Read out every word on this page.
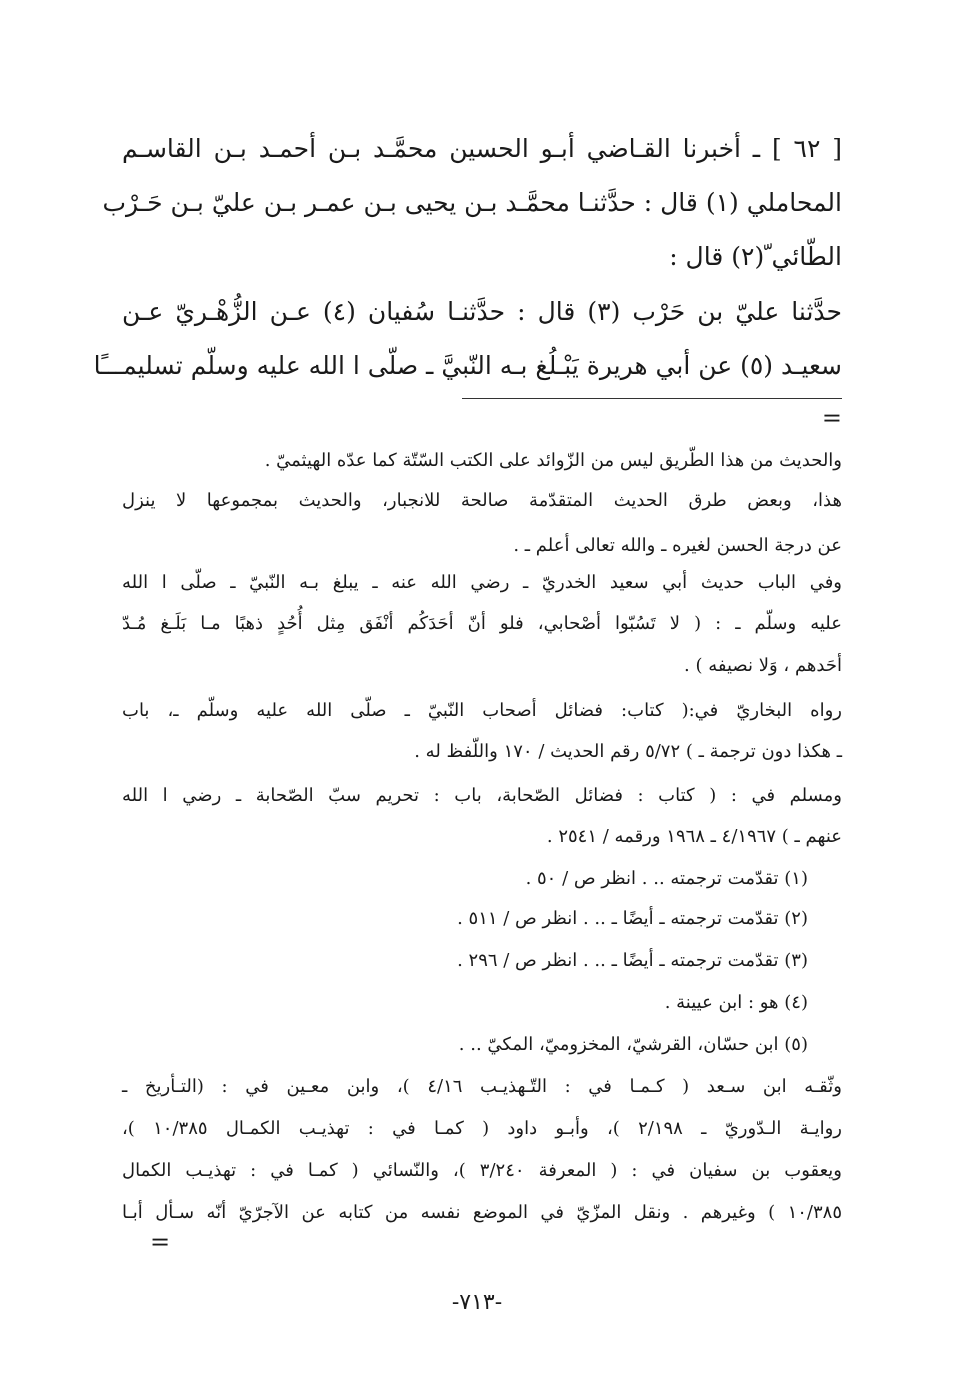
[ ٦٢ ] ـ أخبرنا القـاضي أبـو الحسين محمَّـد بـن أحمـد بـن القاسـم
المحاملي (١) قال : حدَّثنـا محمَّـد بـن يحيى بـن عمـر بـن عليّ بـن حَـرْب
الطّائي ّ(٢) قال :
حدَّثنا عليّ بن حَرْب (٣) قال : حدَّثنـا سُفيان (٤) عـن الزُّهْـريّ عـن
سعيـد (٥) عن أبي هريرة يَبْـلُغ بـه النّبيَّ ـ صلّى ا الله عليه وسلّم تسليمـــًا
=
والحديث من هذا الطّريق ليس من الزّوائد على الكتب السّتّة كما عدّه الهيثميّ .
هذا، وبعض طرق الحديث المتقدّمة صالحة للانجبار، والحديث بمجموعها لا ينزل
عن درجة الحسن لغيره ـ والله تعالى أعلم ـ .
وفي الباب حديث أبي سعيد الخدريّ ـ رضي الله عنه ـ يبلغ بـه النّبيّ ـ صلّى ا الله
عليه وسلّم ـ : ( لا تَسُبّوا أصْحابي، فلو أنّ أحَدَكُم أنْفَق مِثل أُحُدٍ ذهبًا مـا بَلَـغ مُـدّ
أحَدهم ، وَلا نصيفه ) .
رواه البخاريّ في:( كتاب: فضائل أصحاب النّبيّ ـ صلّى الله عليه وسلّم ـ، باب
ـ هكذا دون ترجمة ـ ) ٥/٧٢ رقم الحديث / ١٧٠ واللّفظ له .
ومسلم في : ( كتاب : فضائل الصّحابة، باب : تحريم سبّ الصّحابة ـ رضي ا الله
عنهم ـ ) ٤/١٩٦٧ ـ ١٩٦٨ ورقمه / ٢٥٤١ .
(١) تقدّمت ترجمته .. . انظر ص / ٥٠ .
(٢) تقدّمت ترجمته ـ أيضًا ـ .. . انظر ص / ٥١١ .
(٣) تقدّمت ترجمته ـ أيضًا ـ .. . انظر ص / ٢٩٦ .
(٤) هو : ابن عيينة .
(٥) ابن حسّان، القرشيّ، المخزوميّ، المكيّ .. .
وثّقـه ابن سـعد ( كـمـا في : التّـهذيـب ٤/١٦ )، وابن معـين في : (التـأريخ ـ
روايـة الـدّوريّ ـ ٢/١٩٨ )، وأبـو داود ( كمـا في : تهذيـب الكمـال ١٠/٣٨٥ )،
ويعقوب بن سفيان في : ( المعرفة ٣/٢٤٠ )، والنّسائي ( كمـا في : تهذيـب الكمال
١٠/٣٨٥ ) وغيرهم . ونقل المزّيّ في الموضع نفسه من كتابه عن الآجرّيّ أنّه سـأل أبـا
=
-٧١٣-
